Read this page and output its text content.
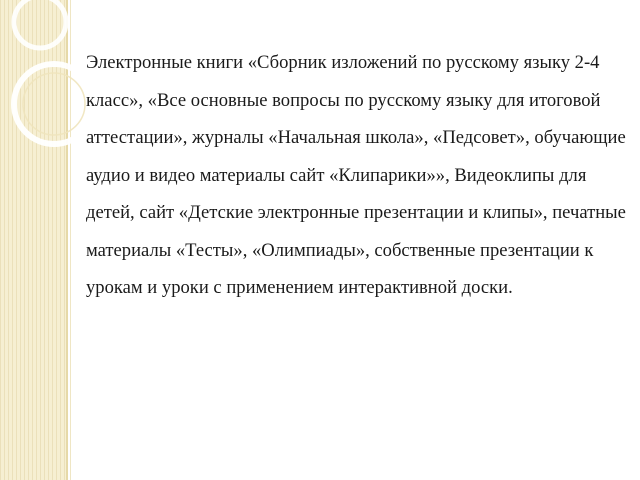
Электронные книги «Сборник изложений по русскому языку 2-4 класс», «Все основные вопросы по русскому языку для итоговой аттестации», журналы «Начальная школа», «Педсовет», обучающие аудио и видео материалы сайт «Клипарики»», Видеоклипы для детей, сайт «Детские электронные презентации и клипы», печатные материалы «Тесты», «Олимпиады», собственные презентации к урокам и уроки с применением интерактивной доски.
